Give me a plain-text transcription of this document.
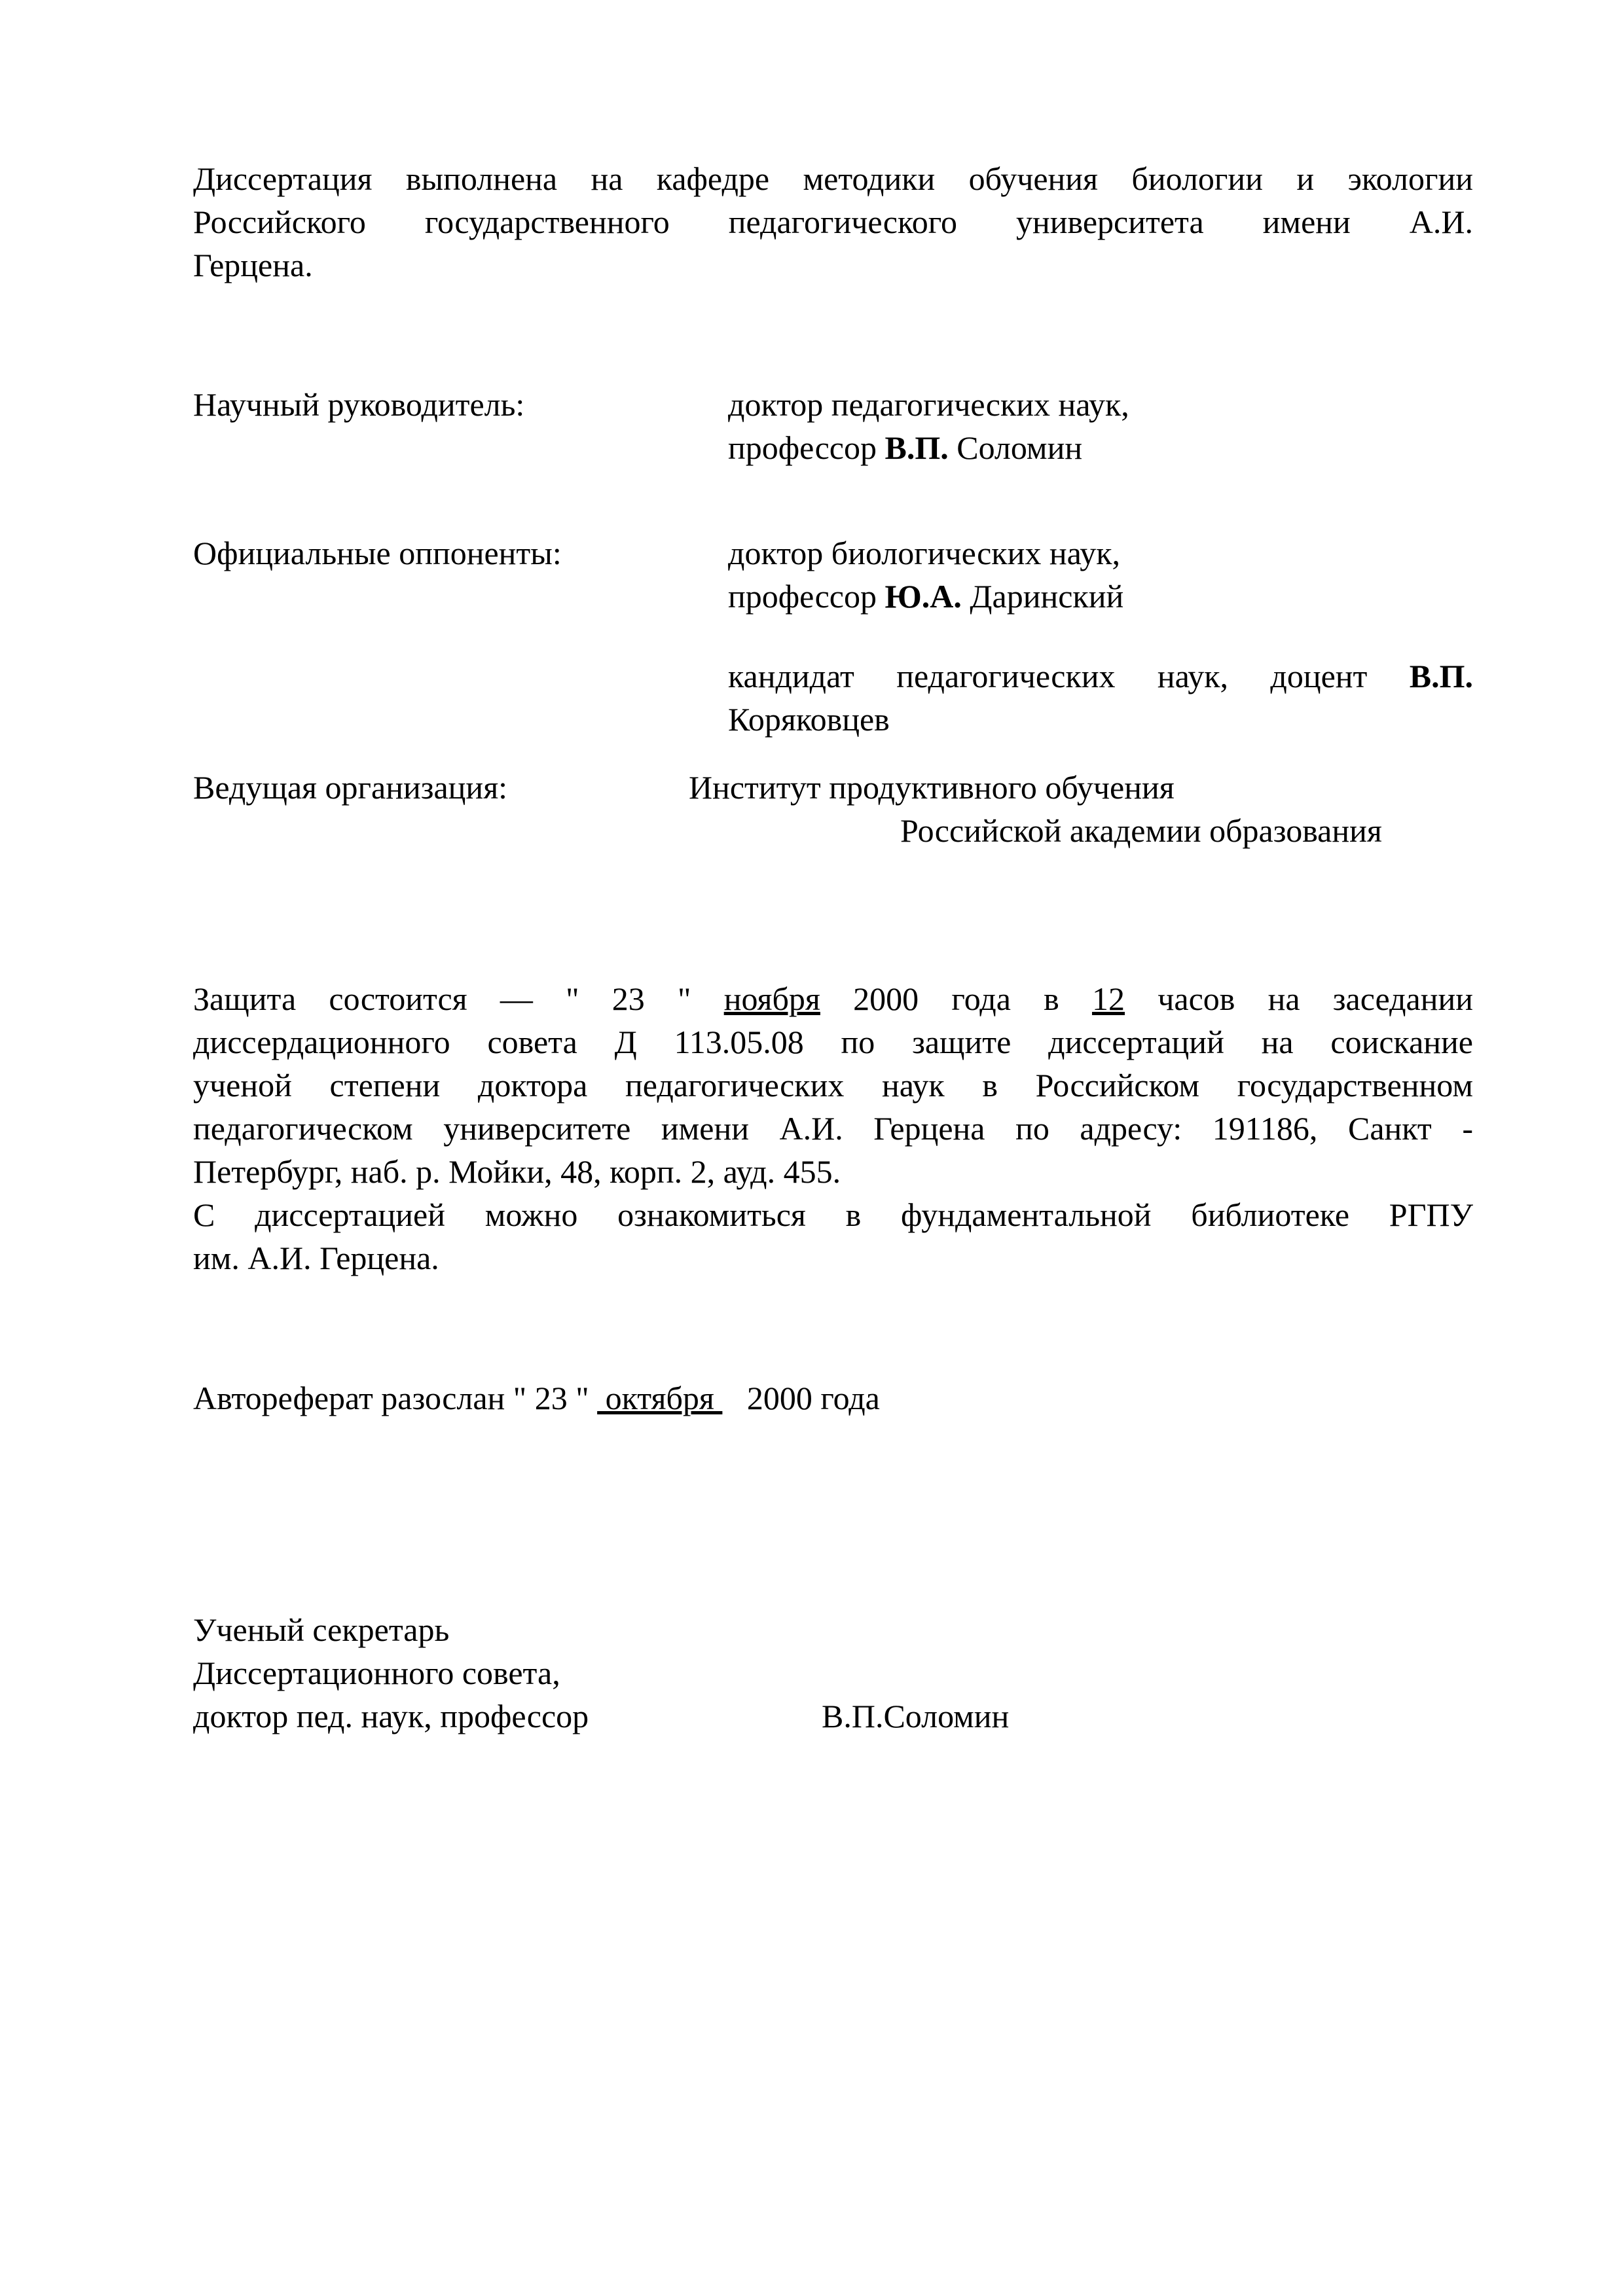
Диссертация выполнена на кафедре методики обучения биологии и экологии
Российского государственного педагогического университета имени А.И.
Герцена.
Научный руководитель:	доктор педагогических наук,
профессор В.П. Соломин
Официальные оппоненты:	доктор биологических наук,
профессор Ю.А. Даринский
кандидат педагогических наук, доцент В.П.
Коряковцев
Ведущая организация:	Институт продуктивного обучения
Российской академии образования
Защита состоится — " 23 " ноября 2000 года в 12 часов на заседании
диссердационного совета Д 113.05.08 по защите диссертаций на соискание
ученой степени доктора педагогических наук в Российском государственном
педагогическом университете имени А.И. Герцена по адресу: 191186, Санкт -
Петербург, наб. р. Мойки, 48, корп. 2, ауд. 455.
С диссертацией можно ознакомиться в фундаментальной библиотеке РГПУ
им. А.И. Герцена.
Автореферат разослан " 23 "  октября    2000 года
Ученый секретарь
Диссертационного совета,
доктор пед. наук, профессор	В.П.Соломин
